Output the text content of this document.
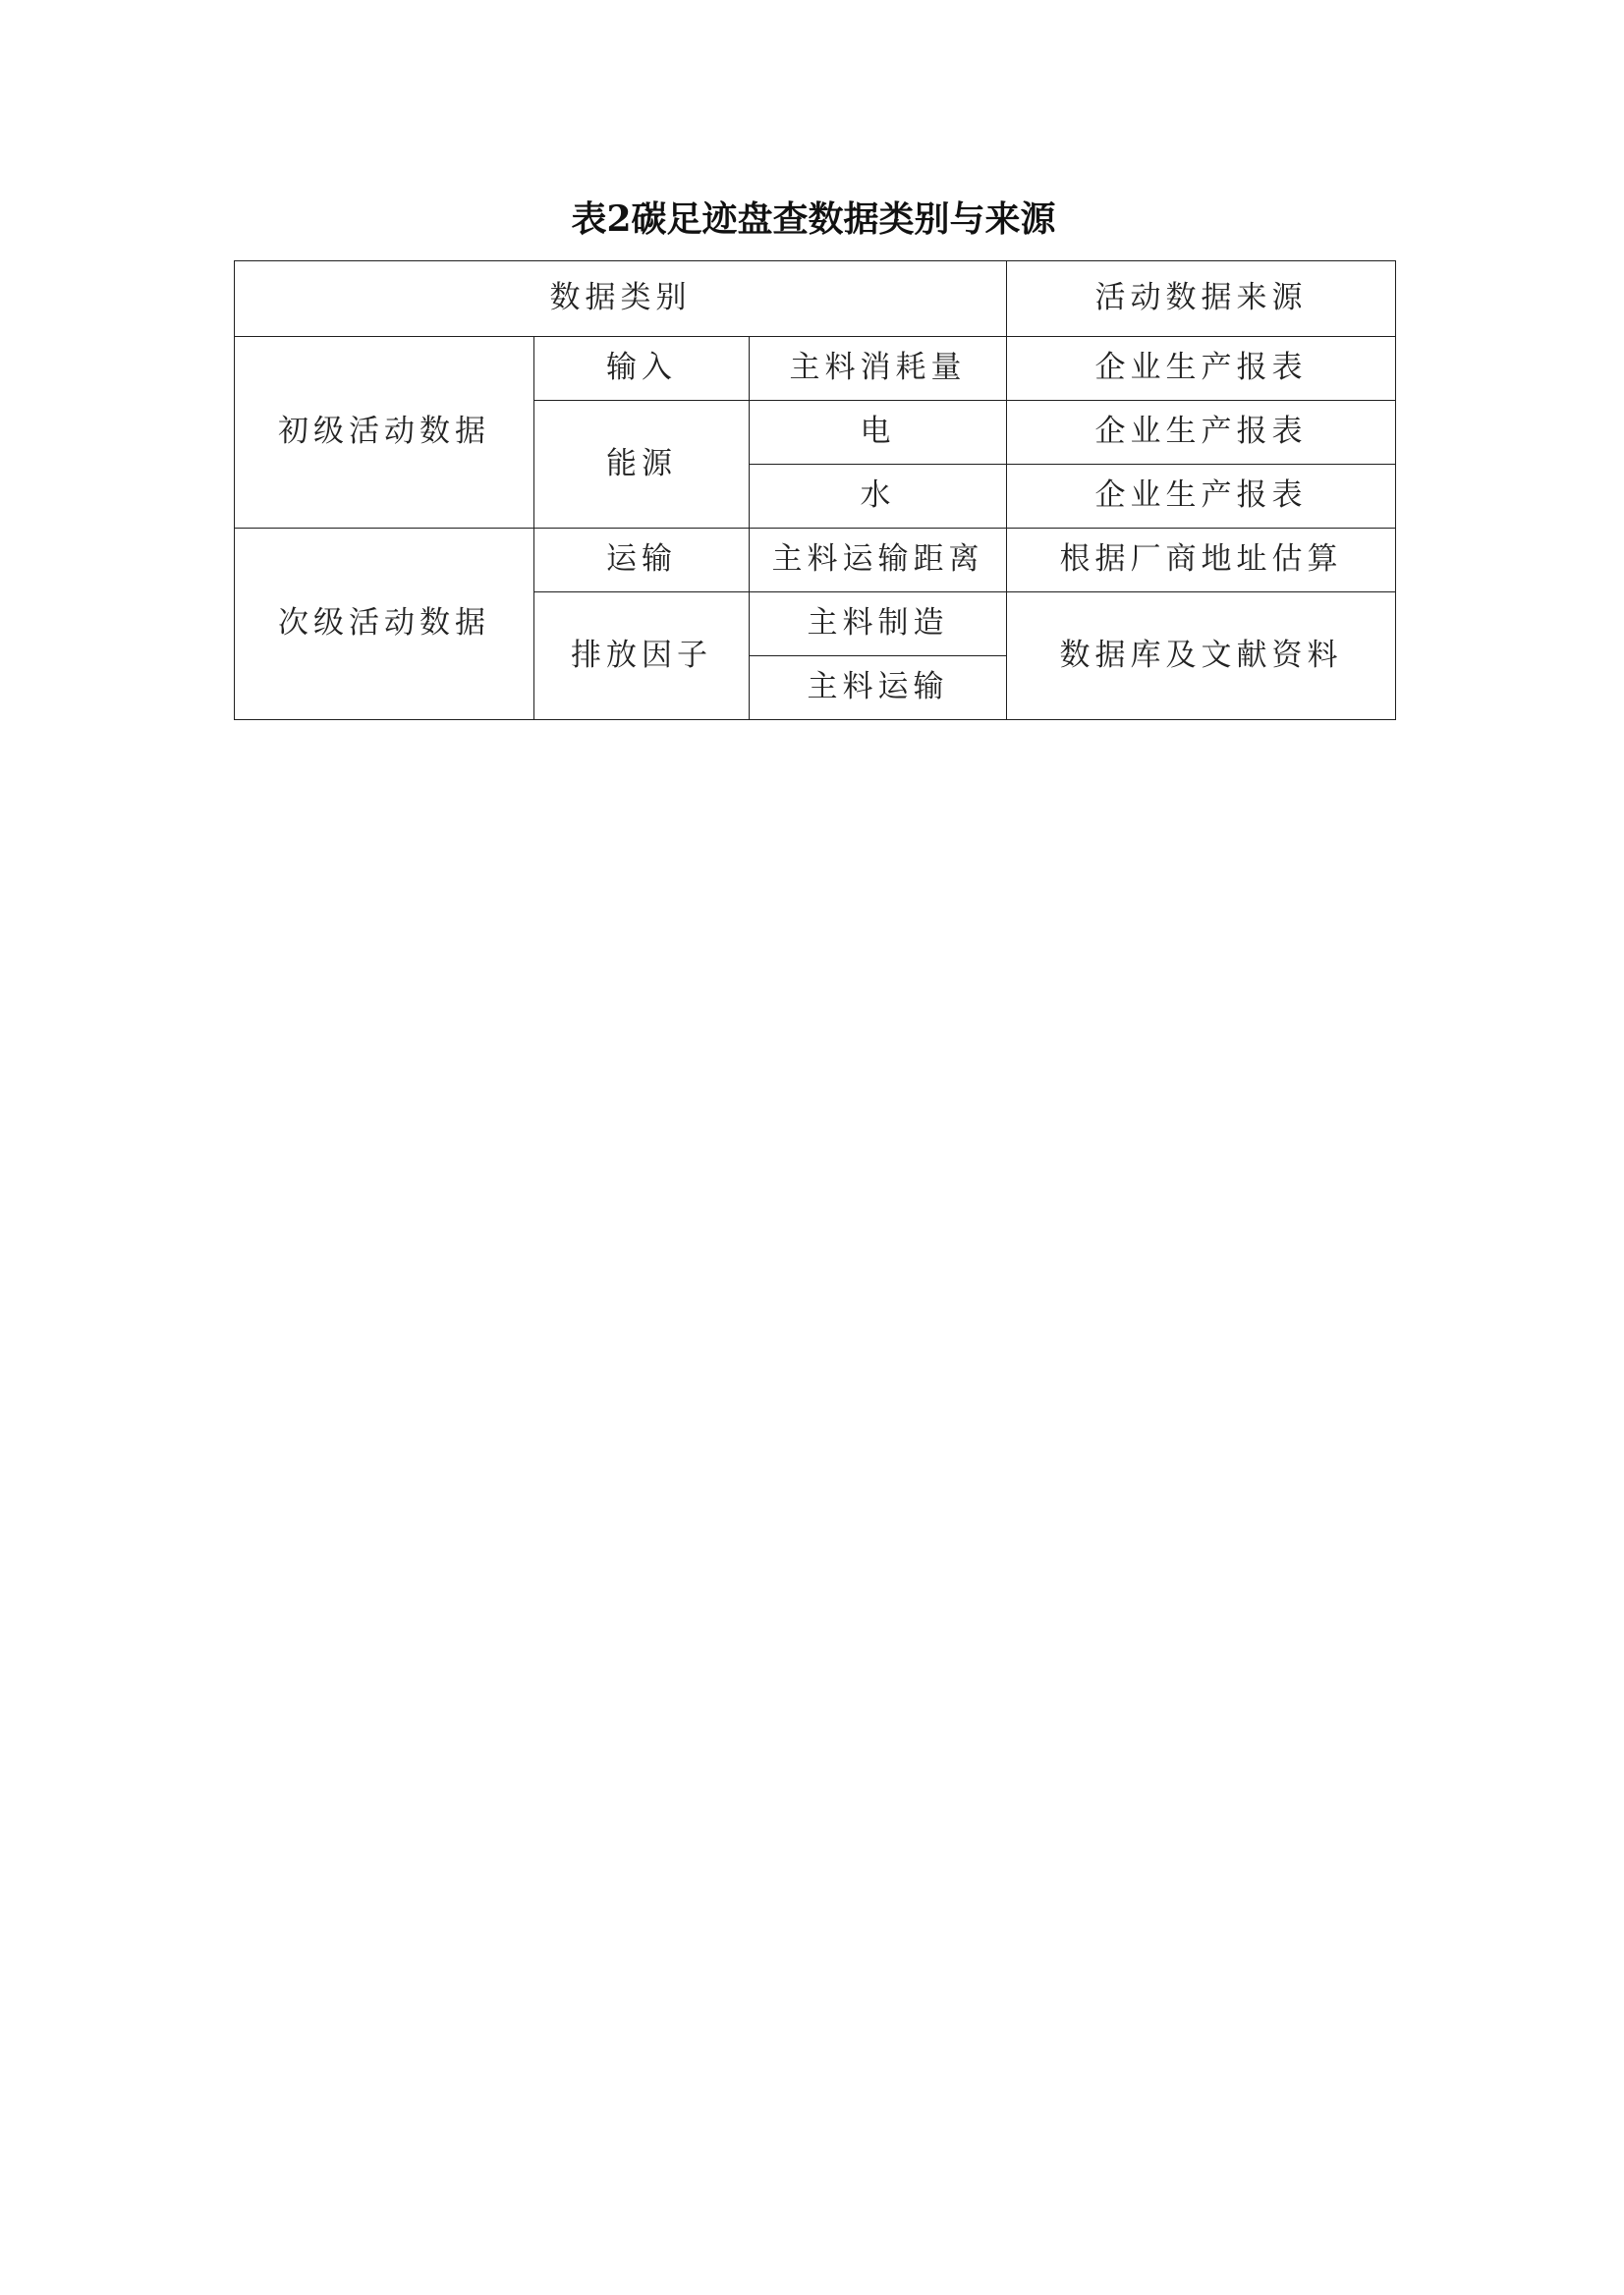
表2碳足迹盘查数据类别与来源
数据类别			活动数据来源
初级活动数据	输入	主料消耗量	企业生产报表
	能源	电	企业生产报表
		水	企业生产报表
次级活动数据	运输	主料运输距离	根据厂商地址估算
	排放因子	主料制造	数据库及文献资料
		主料运输	
